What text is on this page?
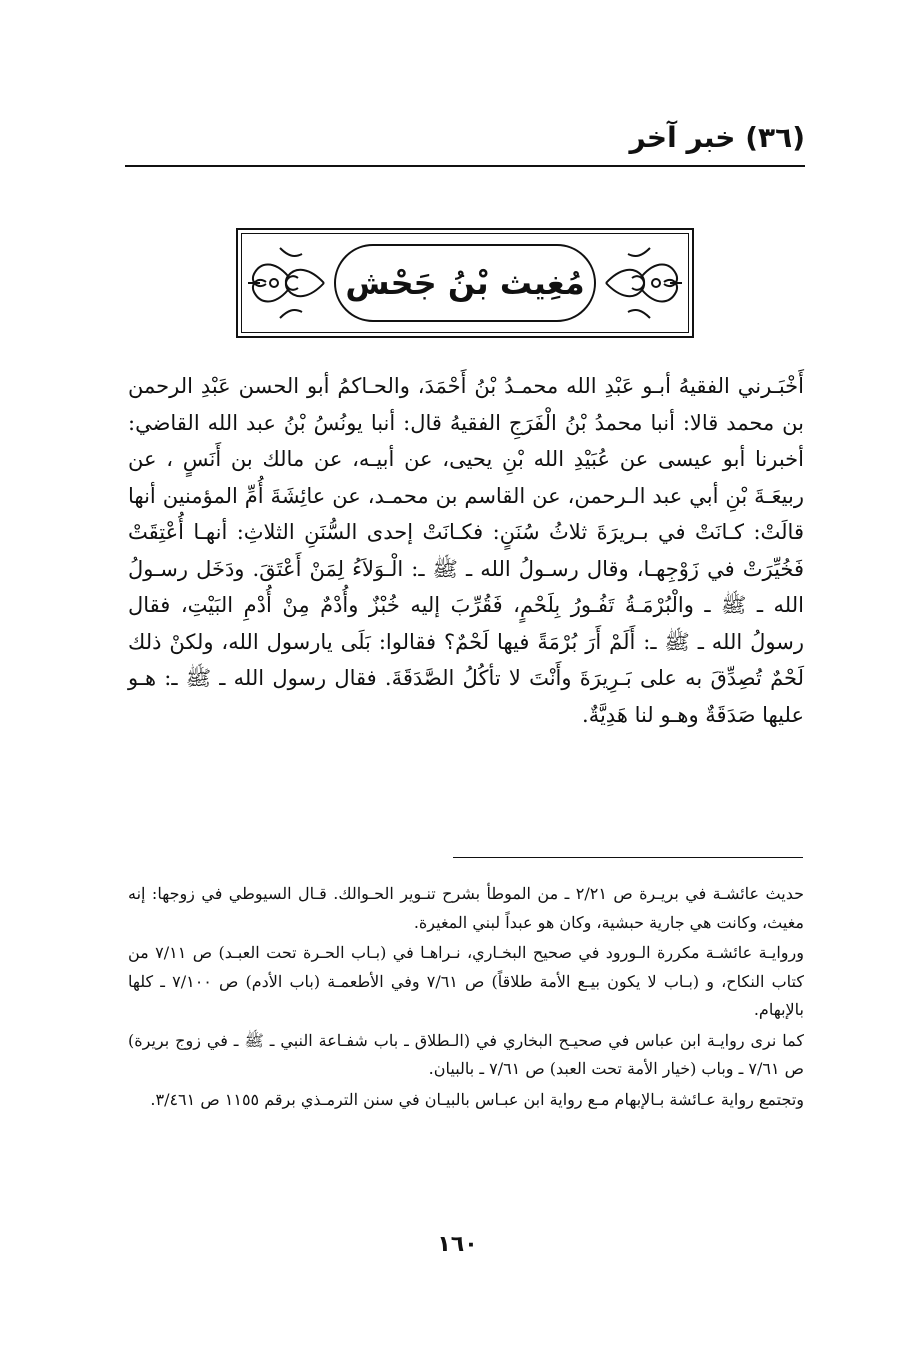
(٣٦) خبر آخر
مُغِيث بْنُ جَحْش

أَخْبَـرني الفقيهُ أبـو عَبْدِ الله محمـدُ بْنُ أَحْمَدَ، والحـاكمُ أبو الحسن عَبْدِ الرحمن بن محمد قالا: أنبا محمدُ بْنُ الْفَرَجِ الفقيهُ قال: أنبا يونُسُ بْنُ عبد الله القاضي: أخبرنا أبو عيسى عن عُبَيْدِ الله بْنِ يحيى، عن أبيـه، عن مالك بن أَنَسٍ ، عن ربيعَـةَ بْنِ أبي عبد الـرحمن، عن القاسم بن محمـد، عن عائِشَةَ أُمِّ المؤمنين أنها قالَتْ: كـانَتْ في بـريرَةَ ثلاثُ سُنَنٍ: فكـانَتْ إحدى السُّنَنِ الثلاثِ: أنهـا أُعْتِقَتْ فَخُيِّرَتْ في زَوْجِهـا، وقال رسـولُ الله ـ ﷺ ـ: الْـوَلاَءُ لِمَنْ أَعْتَقَ. ودَخَل رسـولُ الله ـ ﷺ ـ والْبُرْمَـةُ تَفُـورُ بِلَحْمٍ، فَقُرِّبَ إليه خُبْزٌ وأُدْمٌ مِنْ أُدْمِ البَيْتِ، فقال رسولُ الله ـ ﷺ ـ: أَلَمْ أَرَ بُرْمَةً فيها لَحْمٌ؟ فقالوا: بَلَى يارسول الله، ولكنْ ذلك لَحْمٌ تُصِدِّقَ به على بَـرِيرَةَ وأَنْتَ لا تأكُلُ الصَّدَقَةَ. فقال رسول الله ـ ﷺ ـ: هـو عليها صَدَقَةٌ وهـو لنا هَدِيَّةٌ.

حديث عائشـة في بريـرة ص ٢/٢١ ـ من الموطأ بشرح تنـوير الحـوالك. قـال السيوطي في زوجها: إنه مغيث، وكانت هي جارية حبشية، وكان هو عبداً لبني المغيرة.

وروايـة عائشـة مكررة الـورود في صحيح البخـاري، نـراهـا في (بـاب الحـرة تحت العبـد) ص ٧/١١ من كتاب النكاح، و (بـاب لا يكون بيـع الأمة طلاقاً) ص ٧/٦١ وفي الأطعمـة (باب الأدم) ص ٧/١٠٠ ـ كلها بالإبهام.

كما نرى روايـة ابن عباس في صحيـح البخاري في (الـطلاق ـ باب شفـاعة النبي ـ ﷺ ـ في زوج بريرة) ص ٧/٦١ ـ وباب (خيار الأمة تحت العبد) ص ٧/٦١ ـ بالبيان.

وتجتمع رواية عـائشة بـالإبهام مـع رواية ابن عبـاس بالبيـان في سنن الترمـذي برقم ١١٥٥ ص ٣/٤٦١.

١٦٠
